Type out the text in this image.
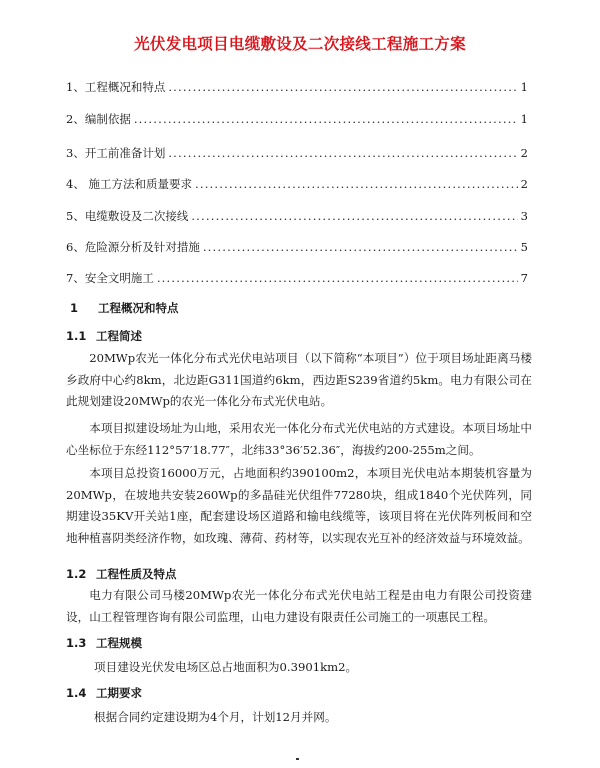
光伏发电项目电缆敷设及二次接线工程施工方案
1、工程概况和特点 .....	1
2、编制依据 .....	1
3、开工前准备计划 .....	2
4、 施工方法和质量要求 .....	2
5、电缆敷设及二次接线 .....	3
6、危险源分析及针对措施 .....	5
7、安全文明施工 .....	7
1 工程概况和特点
1.1 工程简述
20MWp农光一体化分布式光伏电站项目（以下简称“本项目”）位于项目场址距离马楼乡政府中心约8km，北边距G311国道约6km，西边距S239省道约5km。电力有限公司在此规划建设20MWp的农光一体化分布式光伏电站。
本项目拟建设场址为山地，采用农光一体化分布式光伏电站的方式建设。本项目场址中心坐标位于东经112°57′18.77″，北纬33°36′52.36″，海拔约200-255m之间。
本项目总投资16000万元，占地面积约390100m2，本项目光伏电站本期装机容量为20MWp，在坡地共安装260Wp的多晶硅光伏组件77280块，组成1840个光伏阵列，同期建设35KV开关站1座，配套建设场区道路和输电线缆等，该项目将在光伏阵列板间和空地种植喜阴类经济作物，如玫瑰、薄荷、药材等，以实现农光互补的经济效益与环境效益。
1.2 工程性质及特点
电力有限公司马楼20MWp农光一体化分布式光伏电站工程是由电力有限公司投资建设，山工程管理咨询有限公司监理，山电力建设有限责任公司施工的一项惠民工程。
1.3 工程规模
项目建设光伏发电场区总占地面积为0.3901km2。
1.4 工期要求
根据合同约定建设期为4个月，计划12月并网。
